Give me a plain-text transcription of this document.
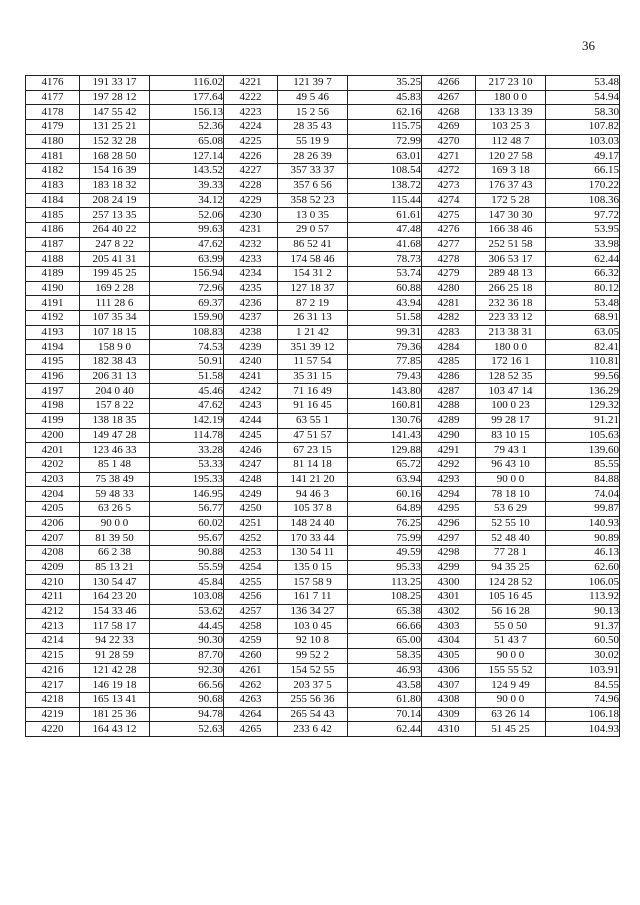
36
4176	191 33 17	116.02	4221	121 39 7	35.25	4266	217 23 10	53.48
4177	197 28 12	177.64	4222	49 5 46	45.83	4267	180 0 0	54.94
4178	147 55 42	156.13	4223	15 2 56	62.16	4268	133 13 39	58.30
4179	131 25 21	52.36	4224	28 35 43	115.75	4269	103 25 3	107.82
4180	152 32 28	65.08	4225	55 19 9	72.99	4270	112 48 7	103.03
4181	168 28 50	127.14	4226	28 26 39	63.01	4271	120 27 58	49.17
4182	154 16 39	143.52	4227	357 33 37	108.54	4272	169 3 18	66.15
4183	183 18 32	39.33	4228	357 6 56	138.72	4273	176 37 43	170.22
4184	208 24 19	34.12	4229	358 52 23	115.44	4274	172 5 28	108.36
4185	257 13 35	52.06	4230	13 0 35	61.61	4275	147 30 30	97.72
4186	264 40 22	99.63	4231	29 0 57	47.48	4276	166 38 46	53.95
4187	247 8 22	47.62	4232	86 52 41	41.68	4277	252 51 58	33.98
4188	205 41 31	63.99	4233	174 58 46	78.73	4278	306 53 17	62.44
4189	199 45 25	156.94	4234	154 31 2	53.74	4279	289 48 13	66.32
4190	169 2 28	72.96	4235	127 18 37	60.88	4280	266 25 18	80.12
4191	111 28 6	69.37	4236	87 2 19	43.94	4281	232 36 18	53.48
4192	107 35 34	159.90	4237	26 31 13	51.58	4282	223 33 12	68.91
4193	107 18 15	108.83	4238	1 21 42	99.31	4283	213 38 31	63.05
4194	158 9 0	74.53	4239	351 39 12	79.36	4284	180 0 0	82.41
4195	182 38 43	50.91	4240	11 57 54	77.85	4285	172 16 1	110.81
4196	206 31 13	51.58	4241	35 31 15	79.43	4286	128 52 35	99.56
4197	204 0 40	45.46	4242	71 16 49	143.80	4287	103 47 14	136.29
4198	157 8 22	47.62	4243	91 16 45	160.81	4288	100 0 23	129.32
4199	138 18 35	142.19	4244	63 55 1	130.76	4289	99 28 17	91.21
4200	149 47 28	114.78	4245	47 51 57	141.43	4290	83 10 15	105.63
4201	123 46 33	33.28	4246	67 23 15	129.88	4291	79 43 1	139.60
4202	85 1 48	53.33	4247	81 14 18	65.72	4292	96 43 10	85.55
4203	75 38 49	195.33	4248	141 21 20	63.94	4293	90 0 0	84.88
4204	59 48 33	146.95	4249	94 46 3	60.16	4294	78 18 10	74.04
4205	63 26 5	56.77	4250	105 37 8	64.89	4295	53 6 29	99.87
4206	90 0 0	60.02	4251	148 24 40	76.25	4296	52 55 10	140.93
4207	81 39 50	95.67	4252	170 33 44	75.99	4297	52 48 40	90.89
4208	66 2 38	90.88	4253	130 54 11	49.59	4298	77 28 1	46.13
4209	85 13 21	55.59	4254	135 0 15	95.33	4299	94 35 25	62.60
4210	130 54 47	45.84	4255	157 58 9	113.25	4300	124 28 52	106.05
4211	164 23 20	103.08	4256	161 7 11	108.25	4301	105 16 45	113.92
4212	154 33 46	53.62	4257	136 34 27	65.38	4302	56 16 28	90.13
4213	117 58 17	44.45	4258	103 0 45	66.66	4303	55 0 50	91.37
4214	94 22 33	90.30	4259	92 10 8	65.00	4304	51 43 7	60.50
4215	91 28 59	87.70	4260	99 52 2	58.35	4305	90 0 0	30.02
4216	121 42 28	92.30	4261	154 52 55	46.93	4306	155 55 52	103.91
4217	146 19 18	66.56	4262	203 37 5	43.58	4307	124 9 49	84.55
4218	165 13 41	90.68	4263	255 56 36	61.80	4308	90 0 0	74.96
4219	181 25 36	94.78	4264	265 54 43	70.14	4309	63 26 14	106.18
4220	164 43 12	52.63	4265	233 6 42	62.44	4310	51 45 25	104.93
